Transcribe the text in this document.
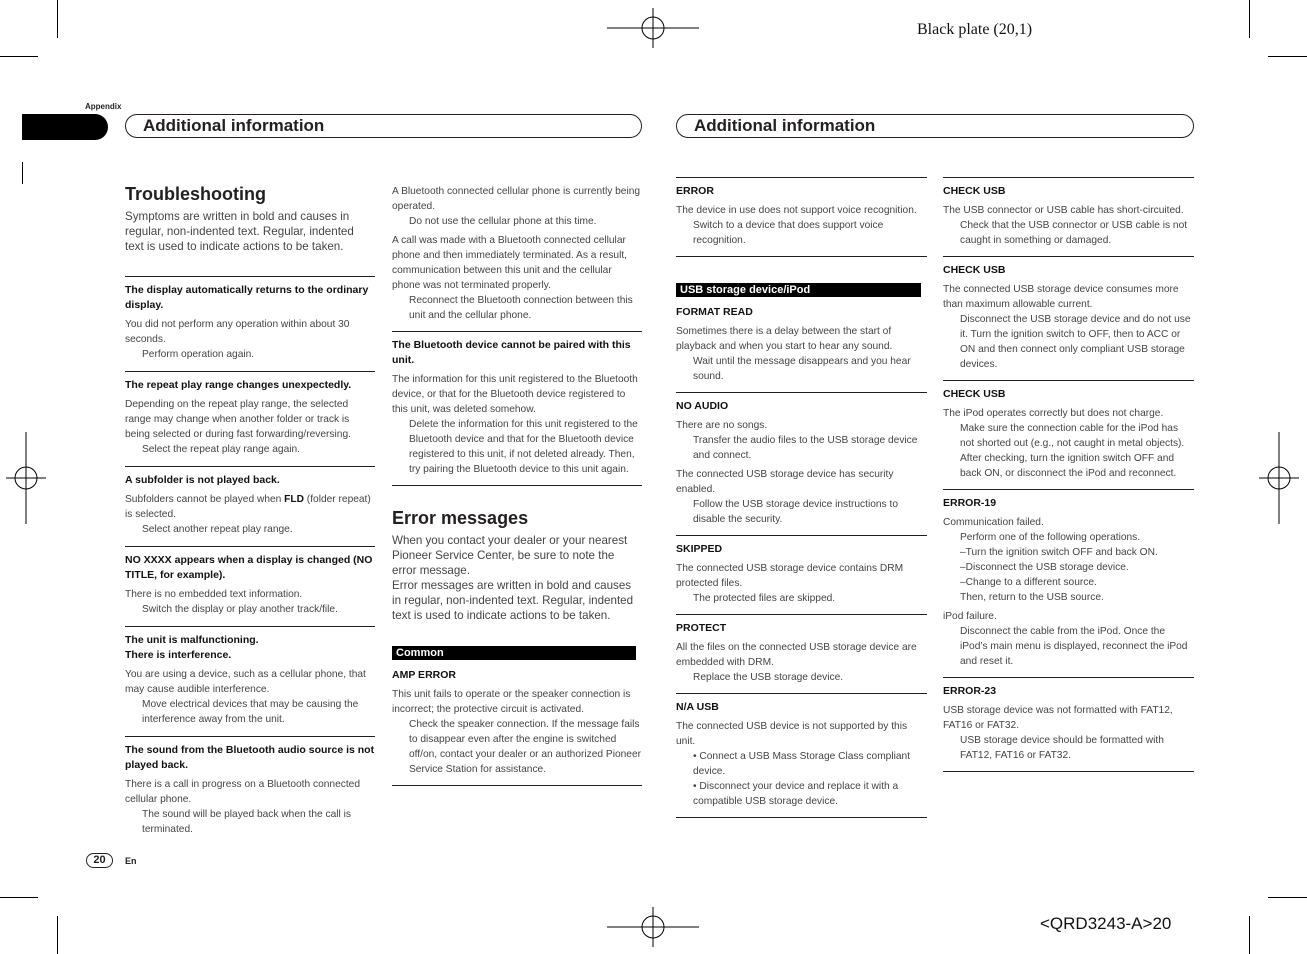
Black plate (20,1)
<QRD3243-A>20
Appendix
Additional information	Additional information
Troubleshooting

Symptoms are written in bold and causes in regular, non-indented text. Regular, indented text is used to indicate actions to be taken.

The display automatically returns to the ordinary display.

You did not perform any operation within about 30 seconds.

Perform operation again.

The repeat play range changes unexpectedly.

Depending on the repeat play range, the selected range may change when another folder or track is being selected or during fast forwarding/reversing.

Select the repeat play range again.

A subfolder is not played back.

Subfolders cannot be played when FLD (folder repeat) is selected.

Select another repeat play range.

NO XXXX appears when a display is changed (NO TITLE, for example).

There is no embedded text information.

Switch the display or play another track/file.

The unit is malfunctioning.

There is interference.

You are using a device, such as a cellular phone, that may cause audible interference.

Move electrical devices that may be causing the interference away from the unit.

The sound from the Bluetooth audio source is not played back.

There is a call in progress on a Bluetooth connected cellular phone.

The sound will be played back when the call is terminated.

A Bluetooth connected cellular phone is currently being operated.

Do not use the cellular phone at this time.

A call was made with a Bluetooth connected cellular phone and then immediately terminated. As a result, communication between this unit and the cellular phone was not terminated properly.

Reconnect the Bluetooth connection between this unit and the cellular phone.

The Bluetooth device cannot be paired with this unit.

The information for this unit registered to the Bluetooth device, or that for the Bluetooth device registered to this unit, was deleted somehow.

Delete the information for this unit registered to the Bluetooth device and that for the Bluetooth device registered to this unit, if not deleted already. Then, try pairing the Bluetooth device to this unit again.

Error messages

When you contact your dealer or your nearest Pioneer Service Center, be sure to note the error message.

Error messages are written in bold and causes in regular, non-indented text. Regular, indented text is used to indicate actions to be taken.

Common

AMP ERROR

This unit fails to operate or the speaker connection is incorrect; the protective circuit is activated.

Check the speaker connection. If the message fails to disappear even after the engine is switched off/on, contact your dealer or an authorized Pioneer Service Station for assistance.

ERROR

The device in use does not support voice recognition.

Switch to a device that does support voice recognition.

USB storage device/iPod

FORMAT READ

Sometimes there is a delay between the start of playback and when you start to hear any sound.

Wait until the message disappears and you hear sound.

NO AUDIO

There are no songs.

Transfer the audio files to the USB storage device and connect.

The connected USB storage device has security enabled.

Follow the USB storage device instructions to disable the security.

SKIPPED

The connected USB storage device contains DRM protected files.

The protected files are skipped.

PROTECT

All the files on the connected USB storage device are embedded with DRM.

Replace the USB storage device.

N/A USB

The connected USB device is not supported by this unit.

• Connect a USB Mass Storage Class compliant device.

• Disconnect your device and replace it with a compatible USB storage device.

CHECK USB

The USB connector or USB cable has short-circuited.

Check that the USB connector or USB cable is not caught in something or damaged.

CHECK USB

The connected USB storage device consumes more than maximum allowable current.

Disconnect the USB storage device and do not use it. Turn the ignition switch to OFF, then to ACC or ON and then connect only compliant USB storage devices.

CHECK USB

The iPod operates correctly but does not charge.

Make sure the connection cable for the iPod has not shorted out (e.g., not caught in metal objects). After checking, turn the ignition switch OFF and back ON, or disconnect the iPod and reconnect.

ERROR-19

Communication failed.

Perform one of the following operations.

–Turn the ignition switch OFF and back ON.

–Disconnect the USB storage device.

–Change to a different source.

Then, return to the USB source.

iPod failure.

Disconnect the cable from the iPod. Once the iPod’s main menu is displayed, reconnect the iPod and reset it.

ERROR-23

USB storage device was not formatted with FAT12, FAT16 or FAT32.

USB storage device should be formatted with FAT12, FAT16 or FAT32.

20	En
